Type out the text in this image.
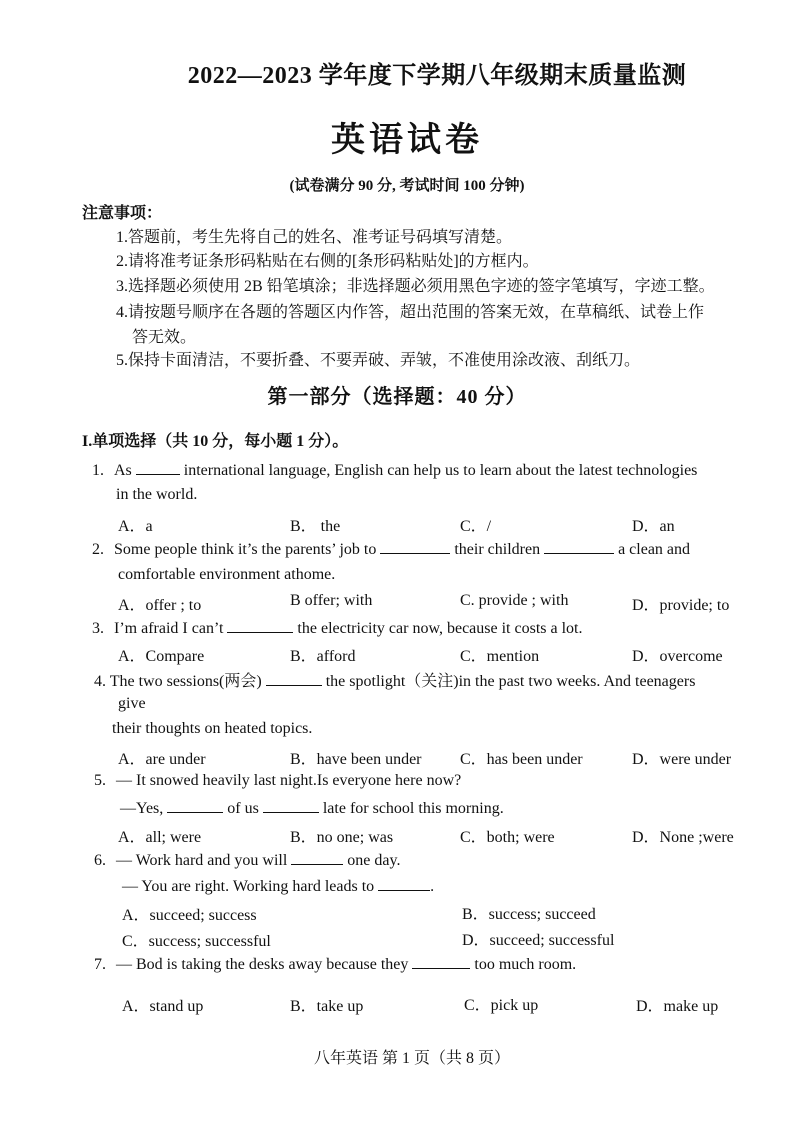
2022—2023 学年度下学期八年级期末质量监测
英语试卷
(试卷满分 90 分, 考试时间 100 分钟)
注意事项：
1.答题前，考生先将自己的姓名、准考证号码填写清楚。
2.请将准考证条形码粘贴在右侧的[条形码粘贴处]的方框内。
3.选择题必须使用 2B 铅笔填涂；非选择题必须用黑色字迹的签字笔填写，字迹工整。
4.请按题号顺序在各题的答题区内作答，超出范围的答案无效，在草稿纸、试卷上作
答无效。
5.保持卡面清洁，不要折叠、不要弄破、弄皱，不准使用涂改液、刮纸刀。
第一部分（选择题：40 分）
I.单项选择（共 10 分，每小题 1 分）。
1. As	international language, English can help us to learn about the latest technologies
in the world.
A．a	B． the	C．/	D．an
2. Some people think it’s the parents’ job to	their children	a clean and
comfortable environment athome.
A．offer ; to	B offer; with	C. provide ; with	D．provide; to
3. I’m afraid I can’t	the electricity car now, because it costs a lot.
A．Compare	B．afford	C．mention	D．overcome
4. The two sessions(两会)	the spotlight（关注)in the past two weeks. And teenagers
give
their thoughts on heated topics.
A．are under	B．have been under C．has been under	D．were under
5. — It snowed heavily last night.Is everyone here now?
—Yes,	of us	late for school this morning.
A．all; were	B．no one; was	C．both; were	D．None ;were
6. — Work hard and you will	one day.
— You are right. Working hard leads to	.
A．succeed; success	B．success; succeed
C．success; successful	D．succeed; successful
7. — Bod is taking the desks away because they	too much room.
A．stand up	B．take up	C．pick up	D．make up
八年英语 第 1 页（共 8 页）
